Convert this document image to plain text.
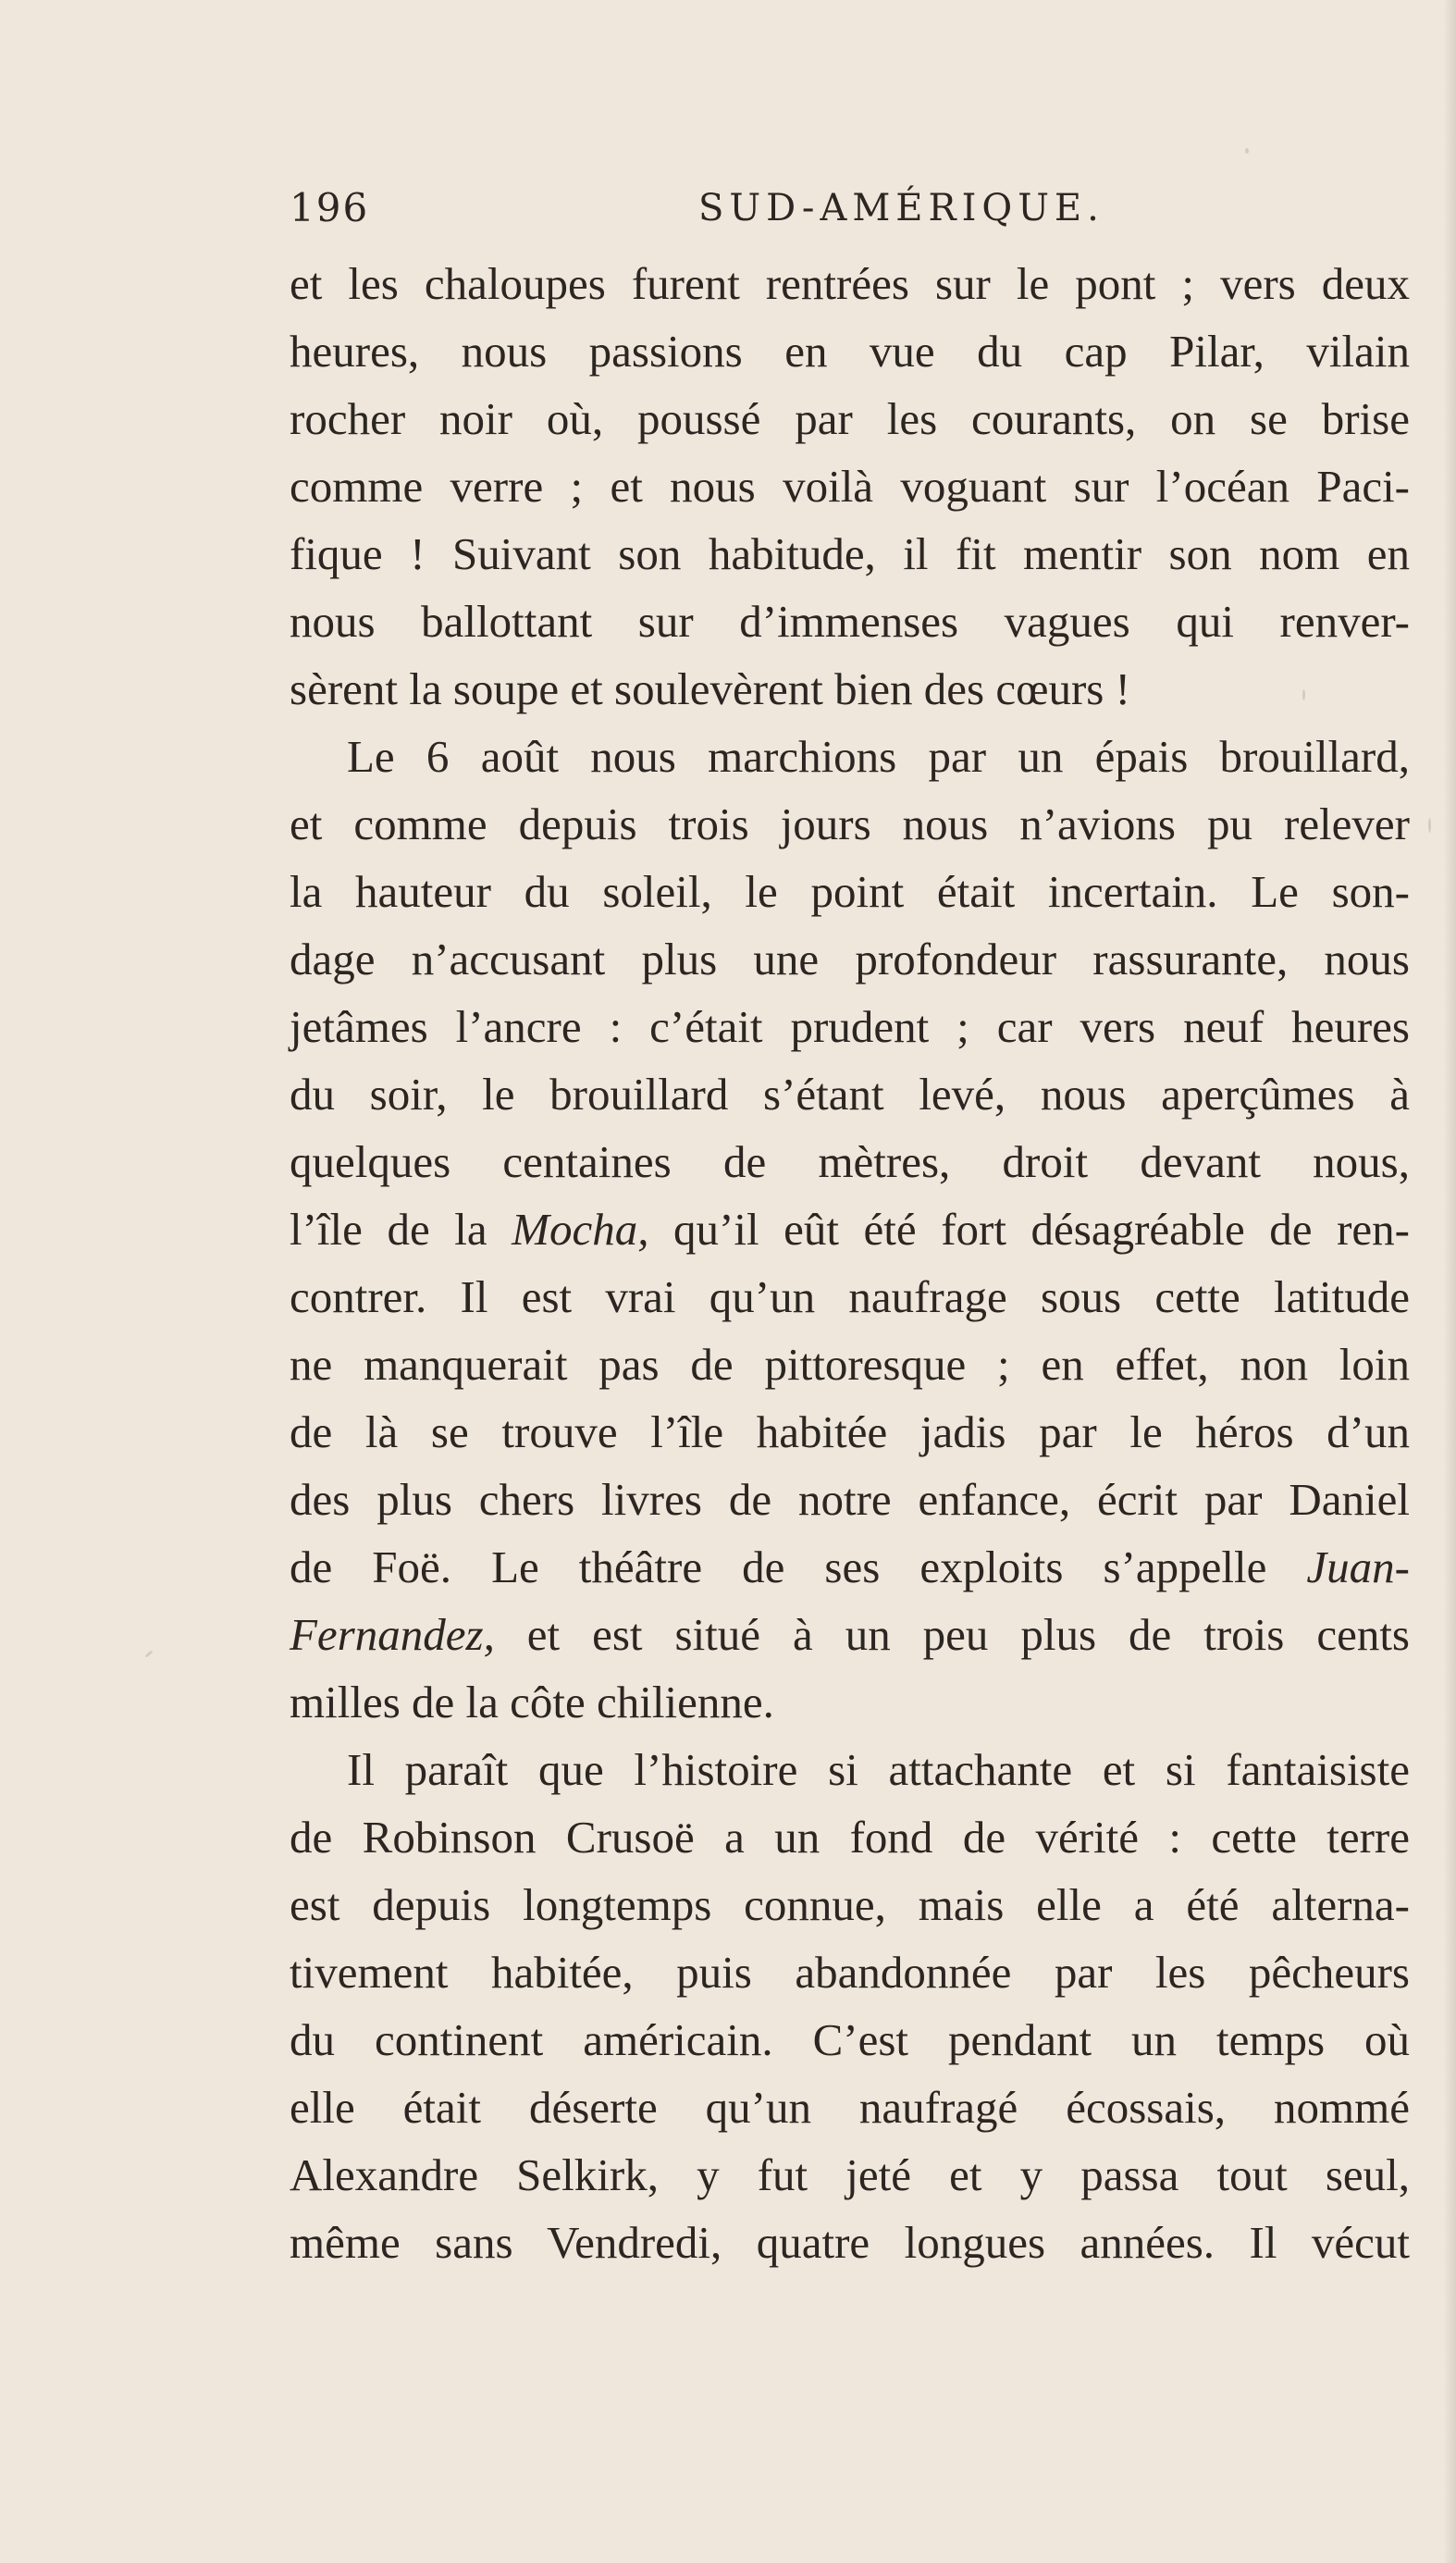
196	SUD-AMÉRIQUE.
et les chaloupes furent rentrées sur le pont ; vers deux
heures, nous passions en vue du cap Pilar, vilain
rocher noir où, poussé par les courants, on se brise
comme verre ; et nous voilà voguant sur l’océan Paci-
fique ! Suivant son habitude, il fit mentir son nom en
nous ballottant sur d’immenses vagues qui renver-
sèrent la soupe et soulevèrent bien des cœurs !
Le 6 août nous marchions par un épais brouillard,
et comme depuis trois jours nous n’avions pu relever
la hauteur du soleil, le point était incertain. Le son-
dage n’accusant plus une profondeur rassurante, nous
jetâmes l’ancre : c’était prudent ; car vers neuf heures
du soir, le brouillard s’étant levé, nous aperçûmes à
quelques centaines de mètres, droit devant nous,
l’île de la Mocha, qu’il eût été fort désagréable de ren-
contrer. Il est vrai qu’un naufrage sous cette latitude
ne manquerait pas de pittoresque ; en effet, non loin
de là se trouve l’île habitée jadis par le héros d’un
des plus chers livres de notre enfance, écrit par Daniel
de Foë. Le théâtre de ses exploits s’appelle Juan-
Fernandez, et est situé à un peu plus de trois cents
milles de la côte chilienne.
Il paraît que l’histoire si attachante et si fantaisiste
de Robinson Crusoë a un fond de vérité : cette terre
est depuis longtemps connue, mais elle a été alterna-
tivement habitée, puis abandonnée par les pêcheurs
du continent américain. C’est pendant un temps où
elle était déserte qu’un naufragé écossais, nommé
Alexandre Selkirk, y fut jeté et y passa tout seul,
même sans Vendredi, quatre longues années. Il vécut
